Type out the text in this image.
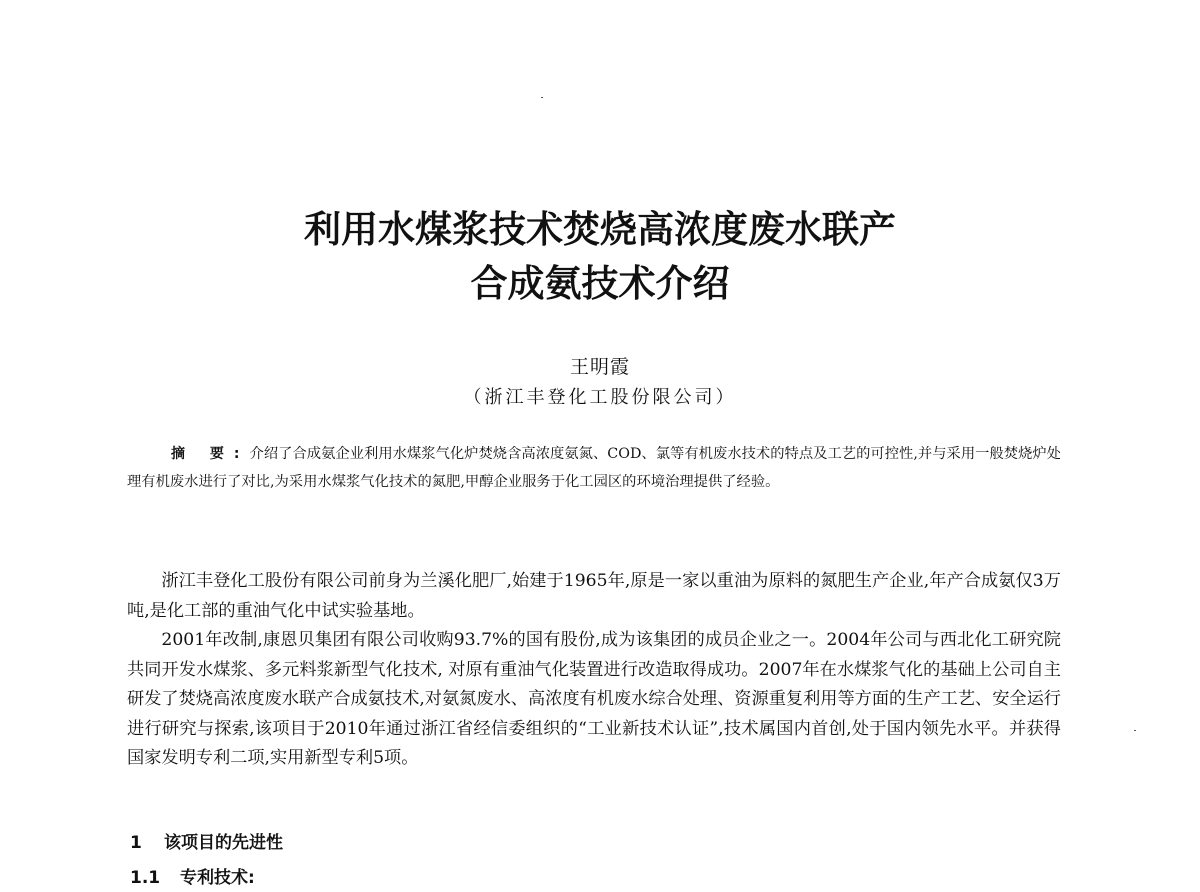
利用水煤浆技术焚烧高浓度废水联产
合成氨技术介绍
王明霞
（浙江丰登化工股份限公司）
摘 要:介绍了合成氨企业利用水煤浆气化炉焚烧含高浓度氨氮、COD、氯等有机废水技术的特点及工艺的可控性,并与采用一般焚烧炉处理有机废水进行了对比,为采用水煤浆气化技术的氮肥,甲醇企业服务于化工园区的环境治理提供了经验。

浙江丰登化工股份有限公司前身为兰溪化肥厂,始建于1965年,原是一家以重油为原料的氮肥生产企业,年产合成氨仅3万吨,是化工部的重油气化中试实验基地。

2001年改制,康恩贝集团有限公司收购93.7%的国有股份,成为该集团的成员企业之一。2004年公司与西北化工研究院共同开发水煤浆、多元料浆新型气化技术, 对原有重油气化装置进行改造取得成功。2007年在水煤浆气化的基础上公司自主研发了焚烧高浓度废水联产合成氨技术,对氨氮废水、高浓度有机废水综合处理、资源重复利用等方面的生产工艺、安全运行进行研究与探索,该项目于2010年通过浙江省经信委组织的“工业新技术认证”,技术属国内首创,处于国内领先水平。并获得国家发明专利二项,实用新型专利5项。

1 该项目的先进性
1.1 专利技术:
